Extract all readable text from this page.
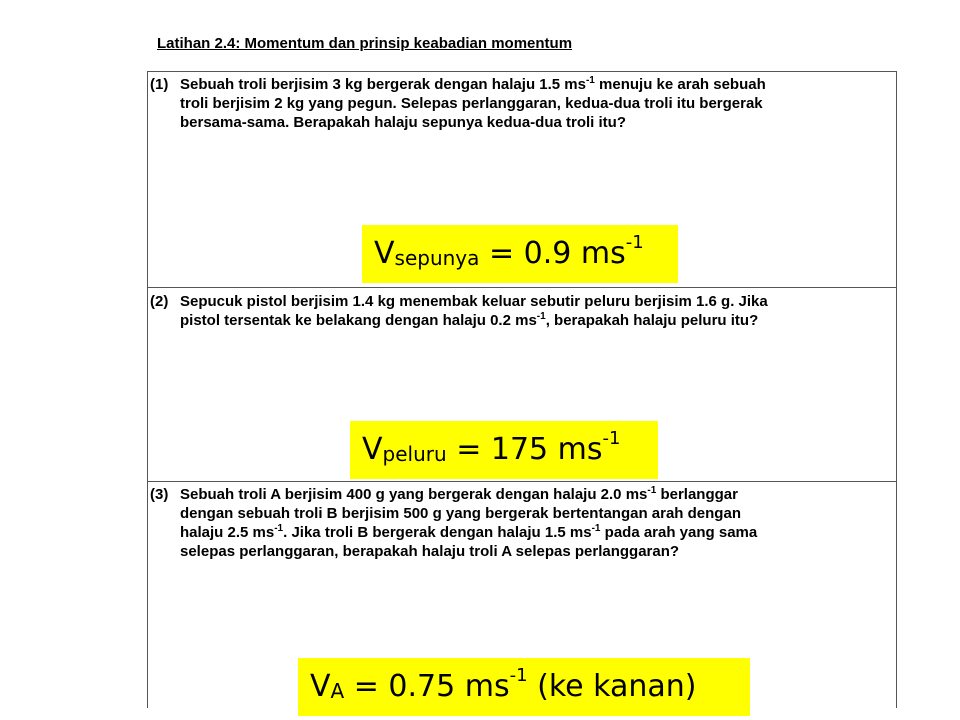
Latihan 2.4: Momentum dan prinsip keabadian momentum
(1) Sebuah troli berjisim 3 kg bergerak dengan halaju 1.5 $ms^{-1}$ menuju ke arah sebuah
troli berjisim 2 kg yang pegun. Selepas perlanggaran, kedua-dua troli itu bergerak
bersama-sama. Berapakah halaju sepunya kedua-dua troli itu?
V sepunya = 0.9 ms -1
(2) Sepucuk pistol berjisim 1.4 kg menembak keluar sebutir peluru berjisim 1.6 g. Jika
pistol tersentak ke belakang dengan halaju 0.2 $ms^{-1}$, berapakah halaju peluru itu?
V peluru = 175 ms -1
(3) Sebuah troli A berjisim 400 g yang bergerak dengan halaju 2.0 $ms^{-1}$ berlanggar
dengan sebuah troli B berjisim 500 g yang bergerak bertentangan arah dengan
halaju 2.5 $ms^{-1}$. Jika troli B bergerak dengan halaju 1.5 $ms^{-1}$ pada arah yang sama
selepas perlanggaran, berapakah halaju troli A selepas perlanggaran?
V A = 0.75 ms -1 (ke kanan)
